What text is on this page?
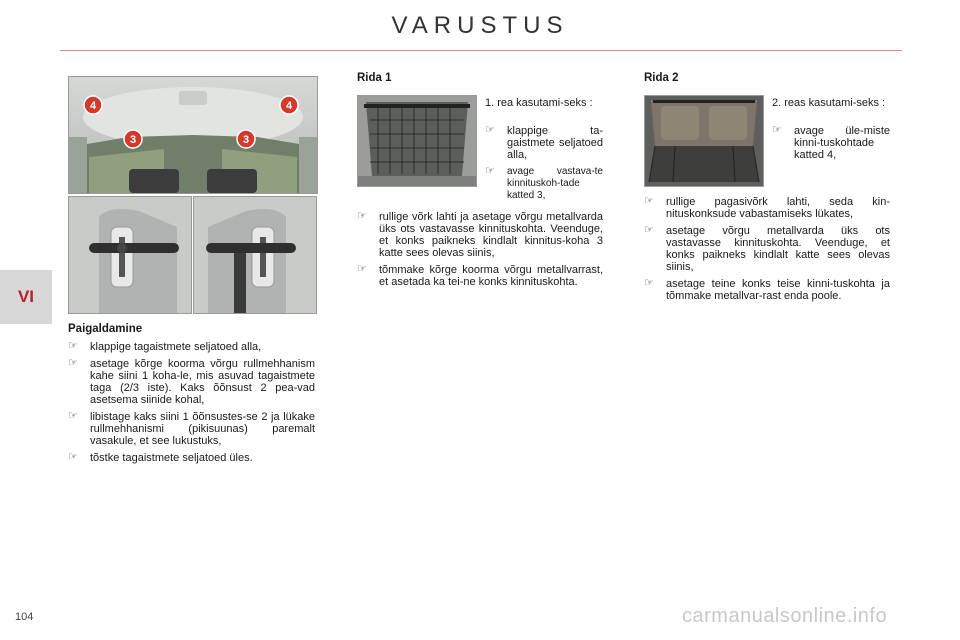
VARUSTUS
VI
4	4
3	3
Paigaldamine
☞ klappige tagaistmete seljatoed alla,
☞ asetage kõrge koorma võrgu rullmehhanism kahe siini 1 koha-le, mis asuvad tagaistmete taga (2/3 iste). Kaks õõnsust 2 pea-vad asetsema siinide kohal,
☞ libistage kaks siini 1 õõnsustes-se 2 ja lükake rullmehhanismi (pikisuunas) paremalt vasakule, et see lukustuks,
☞ tõstke tagaistmete seljatoed üles.
Rida 1
1. rea kasutami-seks :
☞ klappige ta-gaistmete seljatoed alla,
☞ avage vastava-te kinnituskoh-tade katted 3,
☞ rullige võrk lahti ja asetage võrgu metallvarda üks ots vastavasse kinnituskohta. Veenduge, et konks paikneks kindlalt kinnitus-koha 3 katte sees olevas siinis,
☞ tõmmake kõrge koorma võrgu metallvarrast, et asetada ka tei-ne konks kinnituskohta.
Rida 2
2. reas kasutami-seks :
☞ avage üle-miste kinni-tuskohtade katted 4,
☞ rullige pagasivõrk lahti, seda kin-nituskonksude vabastamiseks lükates,
☞ asetage võrgu metallvarda üks ots vastavasse kinnituskohta. Veenduge, et konks paikneks kindlalt katte sees olevas siinis,
☞ asetage teine konks teise kinni-tuskohta ja tõmmake metallvar-rast enda poole.
104	carmanualsonline.info
